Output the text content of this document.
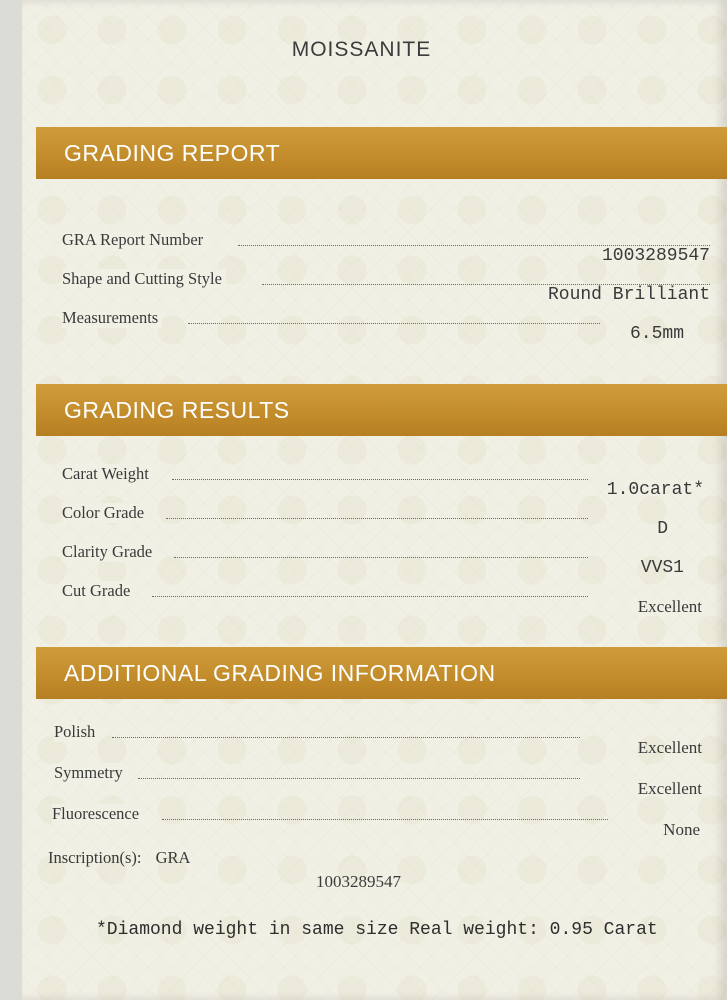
MOISSANITE
GRADING REPORT
GRA Report Number
1003289547
Shape and Cutting Style
Round Brilliant
Measurements
6.5mm
GRADING RESULTS
Carat Weight
1.0carat*
Color Grade
D
Clarity Grade
VVS1
Cut Grade
Excellent
ADDITIONAL GRADING INFORMATION
Polish
Excellent
Symmetry
Excellent
Fluorescence
None
Inscription(s): GRA
1003289547
*Diamond weight in same size Real weight: 0.95 Carat
